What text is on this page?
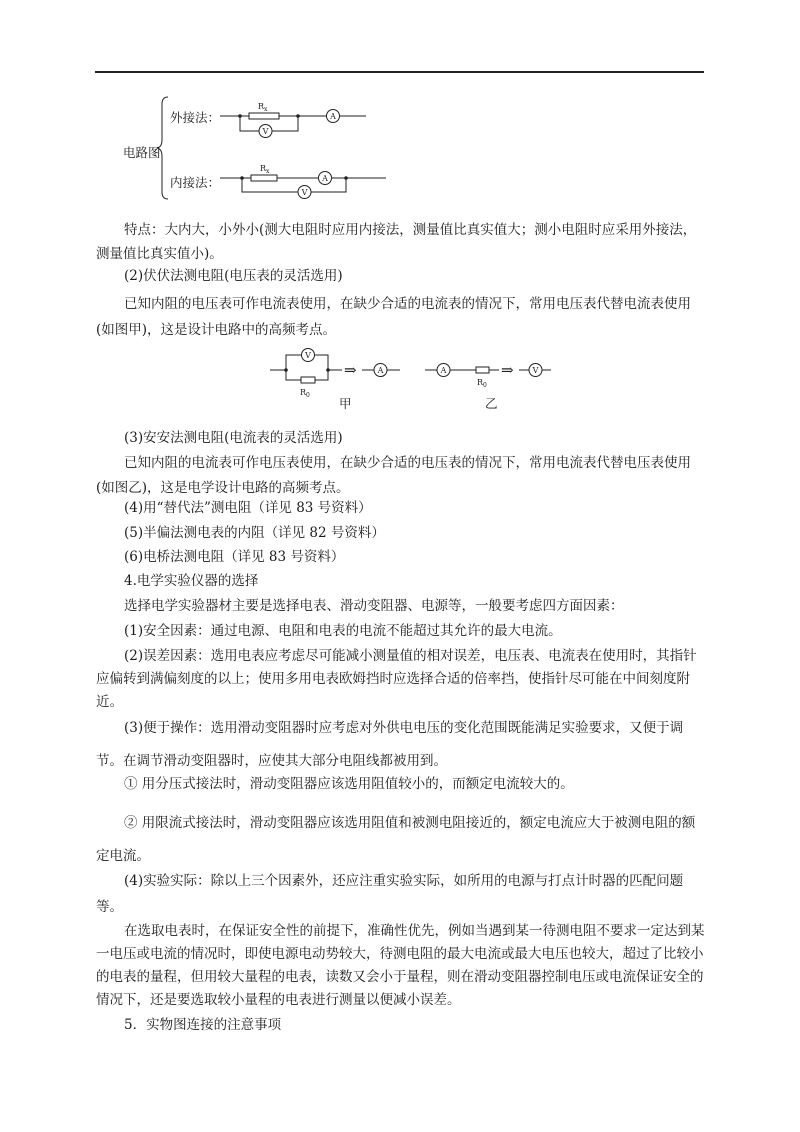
电路图
外接法：
内接法：
$R_x$
A
V
$R_x$
A
V
特点：大内大，小外小(测大电阻时应用内接法，测量值比真实值大；测小电阻时应采用外接法，测量值比真实值小)。
(2)伏伏法测电阻(电压表的灵活选用)
已知内阻的电压表可作电流表使用，在缺少合适的电流表的情况下，常用电压表代替电流表使用(如图甲)，这是设计电路中的高频考点。
$R_0$
V
⇒	A
$R_0$
A	⇒ V
甲	乙
(3)安安法测电阻(电流表的灵活选用)
已知内阻的电流表可作电压表使用，在缺少合适的电压表的情况下，常用电流表代替电压表使用(如图乙)，这是电学设计电路的高频考点。
(4)用“替代法”测电阻（详见 83 号资料）
(5)半偏法测电表的内阻（详见 82 号资料）
(6)电桥法测电阻（详见 83 号资料）
4.电学实验仪器的选择
选择电学实验器材主要是选择电表、滑动变阻器、电源等，一般要考虑四方面因素：
(1)安全因素：通过电源、电阻和电表的电流不能超过其允许的最大电流。
(2)误差因素：选用电表应考虑尽可能减小测量值的相对误差，电压表、电流表在使用时，其指针应偏转到满偏刻度的以上；使用多用电表欧姆挡时应选择合适的倍率挡，使指针尽可能在中间刻度附近。
(3)便于操作：选用滑动变阻器时应考虑对外供电电压的变化范围既能满足实验要求，又便于调节。在调节滑动变阻器时，应使其大部分电阻线都被用到。
① 用分压式接法时，滑动变阻器应该选用阻值较小的，而额定电流较大的。
② 用限流式接法时，滑动变阻器应该选用阻值和被测电阻接近的，额定电流应大于被测电阻的额定电流。
(4)实验实际：除以上三个因素外，还应注重实验实际，如所用的电源与打点计时器的匹配问题等。
在选取电表时，在保证安全性的前提下，准确性优先，例如当遇到某一待测电阻不要求一定达到某一电压或电流的情况时，即使电源电动势较大，待测电阻的最大电流或最大电压也较大，超过了比较小的电表的量程，但用较大量程的电表，读数又会小于量程，则在滑动变阻器控制电压或电流保证安全的情况下，还是要选取较小量程的电表进行测量以便减小误差。
5．实物图连接的注意事项
